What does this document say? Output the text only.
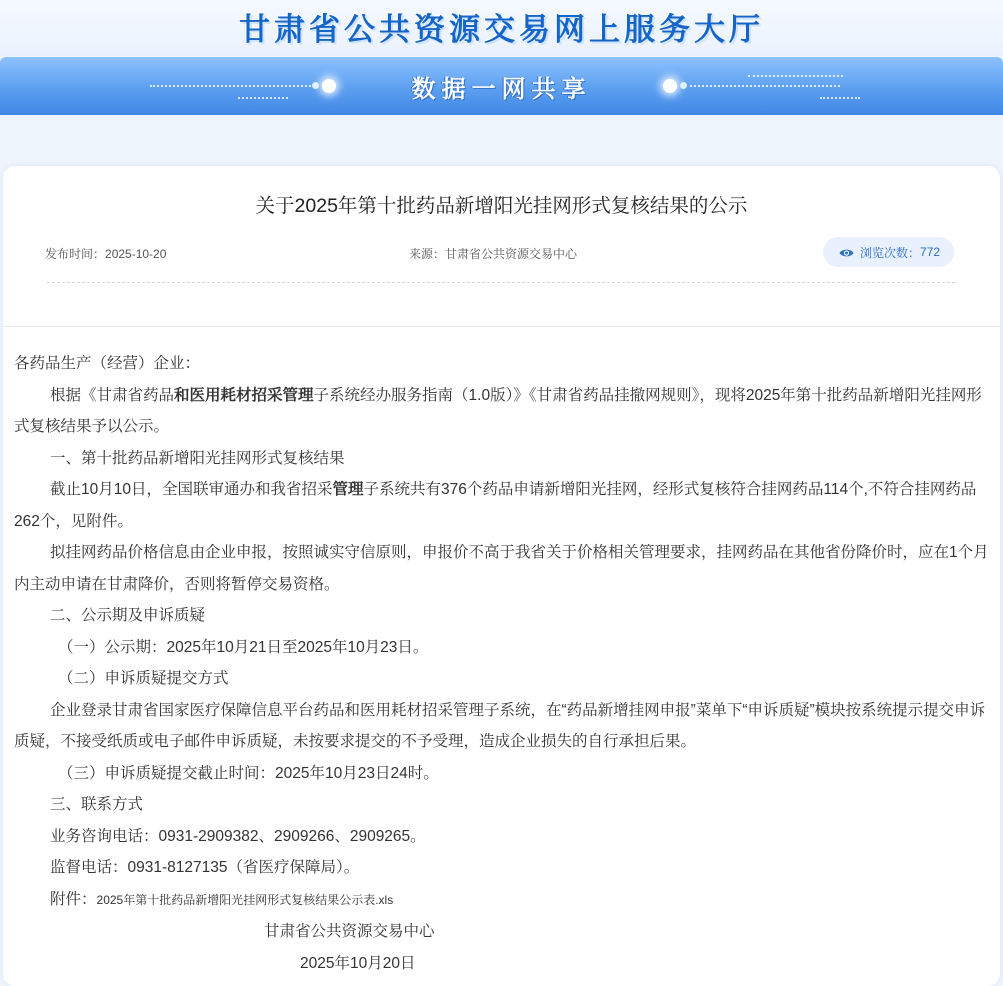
甘肃省公共资源交易网上服务大厅
数据一网共享
关于2025年第十批药品新增阳光挂网形式复核结果的公示
发布时间：2025-10-20	来源：甘肃省公共资源交易中心	浏览次数： 772

各药品生产（经营）企业：

根据《甘肃省药品和医用耗材招采管理子系统经办服务指南（1.0版）》《甘肃省药品挂撤网规则》，现将2025年第十批药品新增阳光挂网形式复核结果予以公示。

一、第十批药品新增阳光挂网形式复核结果

截止10月10日，全国联审通办和我省招采管理子系统共有376个药品申请新增阳光挂网，经形式复核符合挂网药品114个,不符合挂网药品262个，见附件。

拟挂网药品价格信息由企业申报，按照诚实守信原则，申报价不高于我省关于价格相关管理要求，挂网药品在其他省份降价时，应在1个月内主动申请在甘肃降价，否则将暂停交易资格。

二、公示期及申诉质疑

（一）公示期：2025年10月21日至2025年10月23日。

（二）申诉质疑提交方式

企业登录甘肃省国家医疗保障信息平台药品和医用耗材招采管理子系统，在“药品新增挂网申报”菜单下“申诉质疑”模块按系统提示提交申诉质疑，不接受纸质或电子邮件申诉质疑，未按要求提交的不予受理，造成企业损失的自行承担后果。

（三）申诉质疑提交截止时间：2025年10月23日24时。

三、联系方式

业务咨询电话：0931-2909382、2909266、2909265。

监督电话：0931-8127135（省医疗保障局）。

附件：2025年第十批药品新增阳光挂网形式复核结果公示表.xls

甘肃省公共资源交易中心

2025年10月20日
